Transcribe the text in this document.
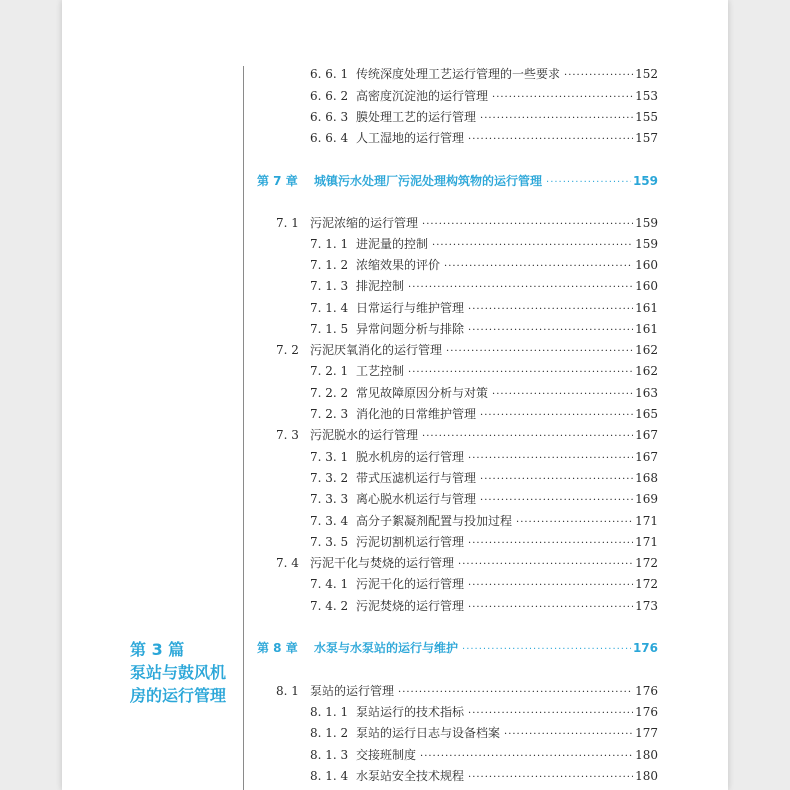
第 3 篇
泵站与鼓风机
房的运行管理
6. 6. 1 传统深度处理工艺运行管理的一些要求 ·····	152
6. 6. 2 高密度沉淀池的运行管理 ·····	153
6. 6. 3 膜处理工艺的运行管理 ·····	155
6. 6. 4 人工湿地的运行管理 ·····	157
第 7 章	城镇污水处理厂污泥处理构筑物的运行管理 ·····	159
7. 1 污泥浓缩的运行管理 ·····	159
7. 1. 1 进泥量的控制 ·····	159
7. 1. 2 浓缩效果的评价 ·····	160
7. 1. 3 排泥控制 ·····	160
7. 1. 4 日常运行与维护管理 ·····	161
7. 1. 5 异常问题分析与排除 ·····	161
7. 2 污泥厌氧消化的运行管理 ·····	162
7. 2. 1 工艺控制 ·····	162
7. 2. 2 常见故障原因分析与对策 ·····	163
7. 2. 3 消化池的日常维护管理 ·····	165
7. 3 污泥脱水的运行管理 ·····	167
7. 3. 1 脱水机房的运行管理 ·····	167
7. 3. 2 带式压滤机运行与管理 ·····	168
7. 3. 3 离心脱水机运行与管理 ·····	169
7. 3. 4 高分子絮凝剂配置与投加过程 ·····	171
7. 3. 5 污泥切割机运行管理 ·····	171
7. 4 污泥干化与焚烧的运行管理 ·····	172
7. 4. 1 污泥干化的运行管理 ·····	172
7. 4. 2 污泥焚烧的运行管理 ·····	173
第 8 章	水泵与水泵站的运行与维护 ·····	176
8. 1 泵站的运行管理 ·····	176
8. 1. 1 泵站运行的技术指标 ·····	176
8. 1. 2 泵站的运行日志与设备档案 ·····	177
8. 1. 3 交接班制度 ·····	180
8. 1. 4 水泵站安全技术规程 ·····	180
